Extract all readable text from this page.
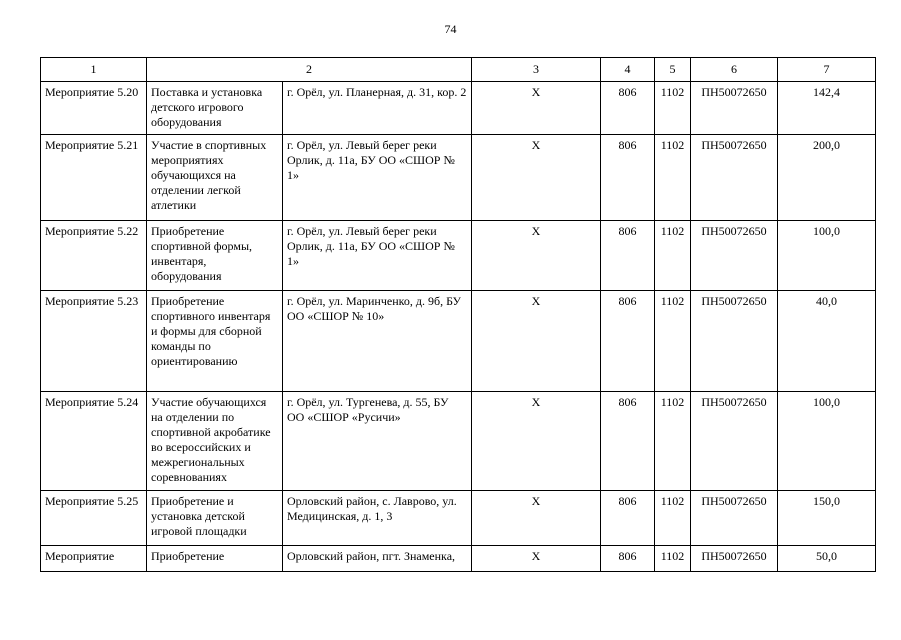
74
1	2		3	4	5	6	7
Мероприятие 5.20	Поставка и установка детского игрового оборудования	г. Орёл, ул. Планерная, д. 31, кор. 2	X	806	1102	ПН50072650	142,4
Мероприятие 5.21	Участие в спортивных мероприятиях обучающихся на отделении легкой атлетики	г. Орёл, ул. Левый берег реки Орлик, д. 11а, БУ ОО «СШОР № 1»	X	806	1102	ПН50072650	200,0
Мероприятие 5.22	Приобретение спортивной формы, инвентаря, оборудования	г. Орёл, ул. Левый берег реки Орлик, д. 11а, БУ ОО «СШОР № 1»	X	806	1102	ПН50072650	100,0
Мероприятие 5.23	Приобретение спортивного инвентаря и формы для сборной команды по ориентированию	г. Орёл, ул. Маринченко, д. 9б, БУ ОО «СШОР № 10»	X	806	1102	ПН50072650	40,0
Мероприятие 5.24	Участие обучающихся на отделении по спортивной акробатике во всероссийских и межрегиональных соревнованиях	г. Орёл, ул. Тургенева, д. 55, БУ ОО «СШОР «Русичи»	X	806	1102	ПН50072650	100,0
Мероприятие 5.25	Приобретение и установка детской игровой площадки	Орловский район, с. Лаврово, ул. Медицинская, д. 1, 3	X	806	1102	ПН50072650	150,0
Мероприятие	Приобретение	Орловский район, пгт. Знаменка,	X	806	1102	ПН50072650	50,0
